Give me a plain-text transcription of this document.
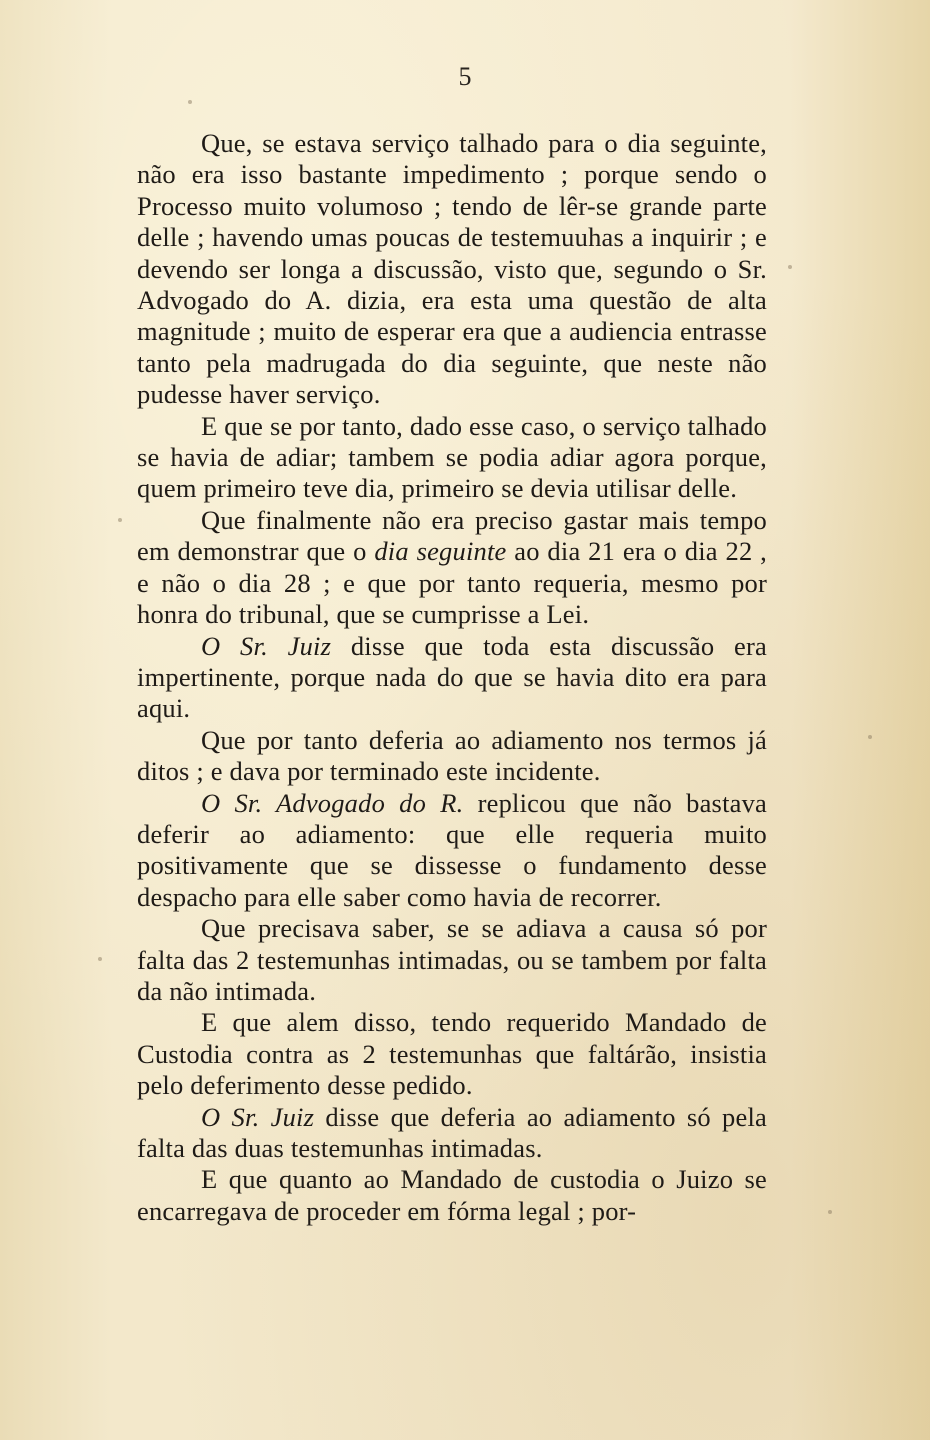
5

Que, se estava serviço talhado para o dia seguinte, não era isso bastante impedimento ; porque sendo o Processo muito volumoso ; tendo de lêr-se grande parte delle ; havendo umas poucas de testemuuhas a inquirir ; e devendo ser longa a discussão, visto que, segundo o Sr. Advogado do A. dizia, era esta uma questão de alta magnitude ; muito de esperar era que a audiencia entrasse tanto pela madrugada do dia seguinte, que neste não pudesse haver serviço.

E que se por tanto, dado esse caso, o serviço talhado se havia de adiar; tambem se podia adiar agora porque, quem primeiro teve dia, primeiro se devia utilisar delle.

Que finalmente não era preciso gastar mais tempo em demonstrar que o dia seguinte ao dia 21 era o dia 22 , e não o dia 28 ; e que por tanto requeria, mesmo por honra do tribunal, que se cumprisse a Lei.

O Sr. Juiz disse que toda esta discussão era impertinente, porque nada do que se havia dito era para aqui.

Que por tanto deferia ao adiamento nos termos já ditos ; e dava por terminado este incidente.

O Sr. Advogado do R. replicou que não bastava deferir ao adiamento: que elle requeria muito positivamente que se dissesse o fundamento desse despacho para elle saber como havia de recorrer.

Que precisava saber, se se adiava a causa só por falta das 2 testemunhas intimadas, ou se tambem por falta da não intimada.

E que alem disso, tendo requerido Mandado de Custodia contra as 2 testemunhas que faltárão, insistia pelo deferimento desse pedido.

O Sr. Juiz disse que deferia ao adiamento só pela falta das duas testemunhas intimadas.

E que quanto ao Mandado de custodia o Juizo se encarregava de proceder em fórma legal ; por-
